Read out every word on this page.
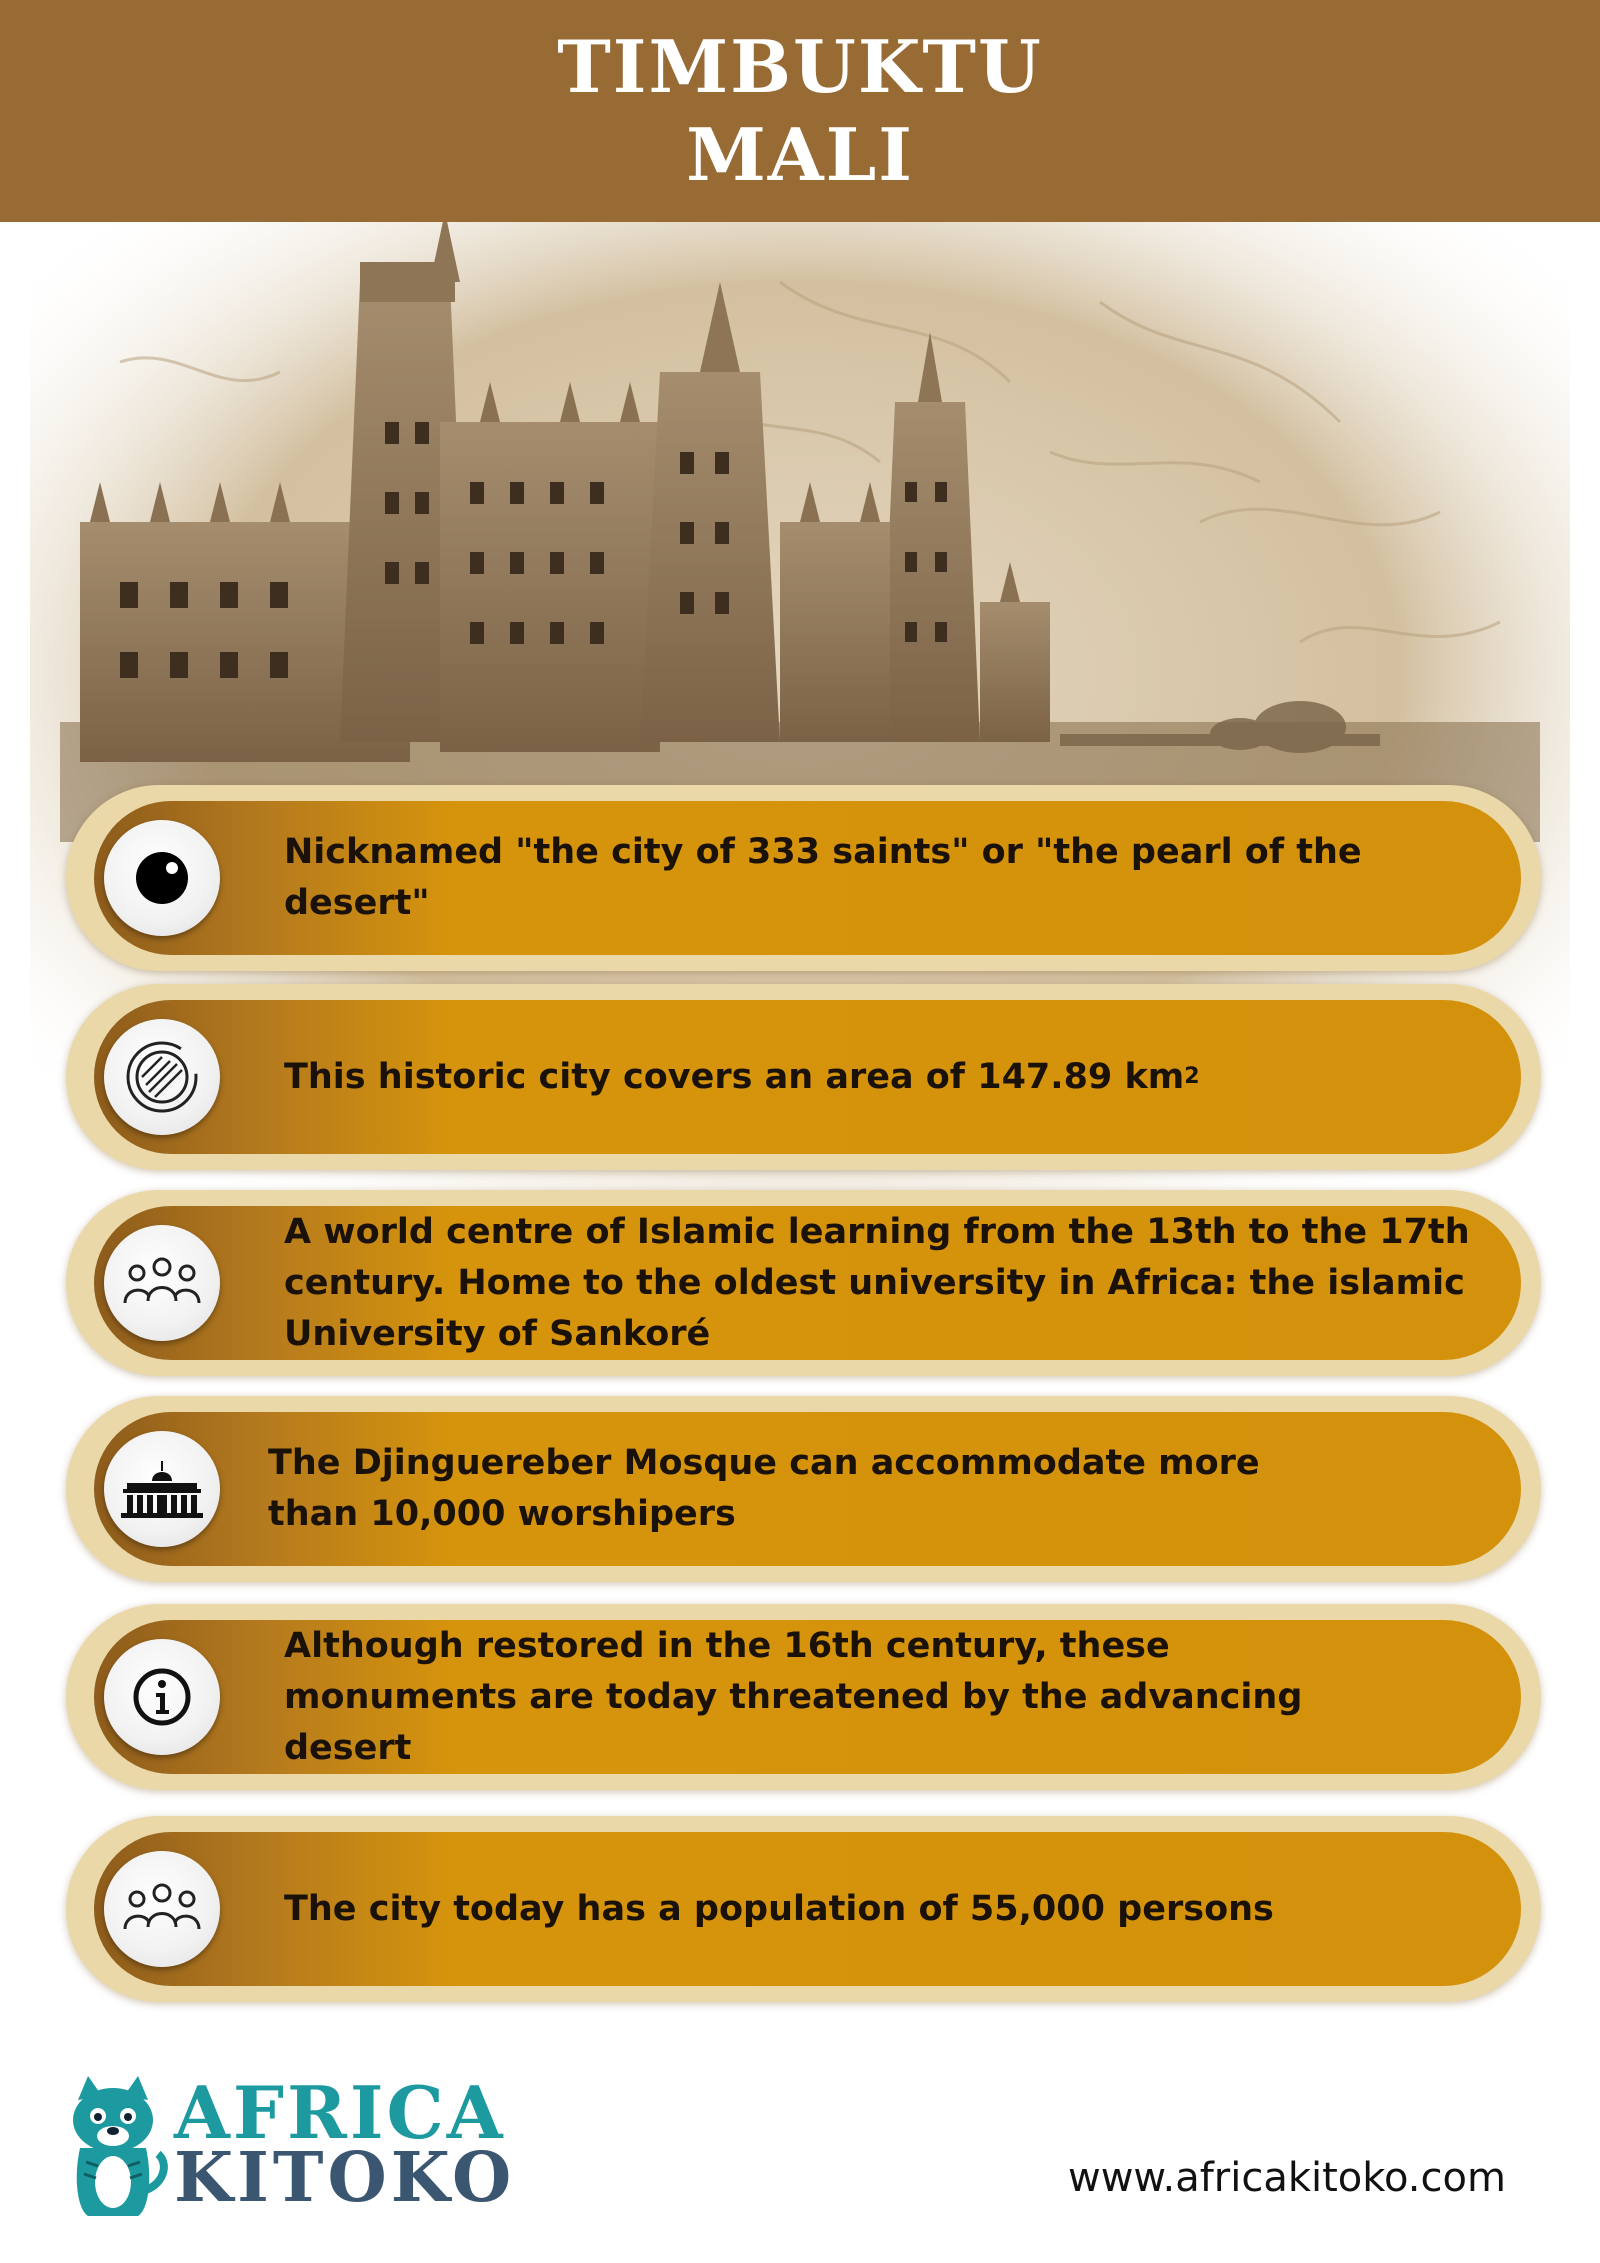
TIMBUKTU
MALI
Nicknamed "the city of 333 saints" or "the pearl of the desert"
This historic city covers an area of 147.89 km 2
A world centre of Islamic learning from the 13th to the 17th century. Home to the oldest university in Africa: the islamic University of Sankoré
The Djinguereber Mosque can accommodate more than 10,000 worshipers
Although restored in the 16th century, these monuments are today threatened by the advancing desert
The city today has a population of 55,000 persons
AFRICA
KITOKO	www.africakitoko.com
